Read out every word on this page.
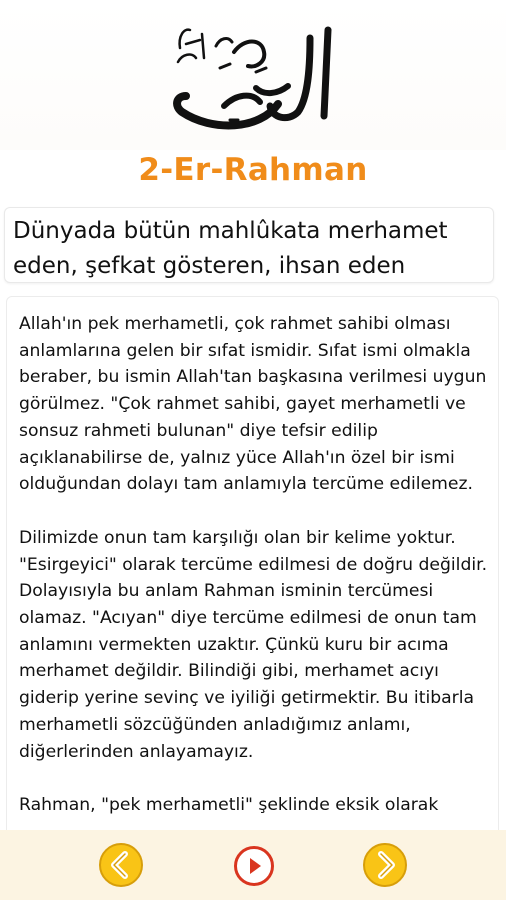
2-Er-Rahman
Dünyada bütün mahlûkata merhamet eden, şefkat gösteren, ihsan eden

Allah'ın pek merhametli, çok rahmet sahibi olması anlamlarına gelen bir sıfat ismidir. Sıfat ismi olmakla beraber, bu ismin Allah'tan başkasına verilmesi uygun görülmez. "Çok rahmet sahibi, gayet merhametli ve sonsuz rahmeti bulunan" diye tefsir edilip açıklanabilirse de, yalnız yüce Allah'ın özel bir ismi olduğundan dolayı tam anlamıyla tercüme edilemez.

Dilimizde onun tam karşılığı olan bir kelime yoktur. "Esirgeyici" olarak tercüme edilmesi de doğru değildir. Dolayısıyla bu anlam Rahman isminin tercümesi olamaz. "Acıyan" diye tercüme edilmesi de onun tam anlamını vermekten uzaktır. Çünkü kuru bir acıma merhamet değildir. Bilindiği gibi, merhamet acıyı giderip yerine sevinç ve iyiliği getirmektir. Bu itibarla merhametli sözcüğünden anladığımız anlamı, diğerlerinden anlayamayız.

Rahman, "pek merhametli" şeklinde eksik olarak
